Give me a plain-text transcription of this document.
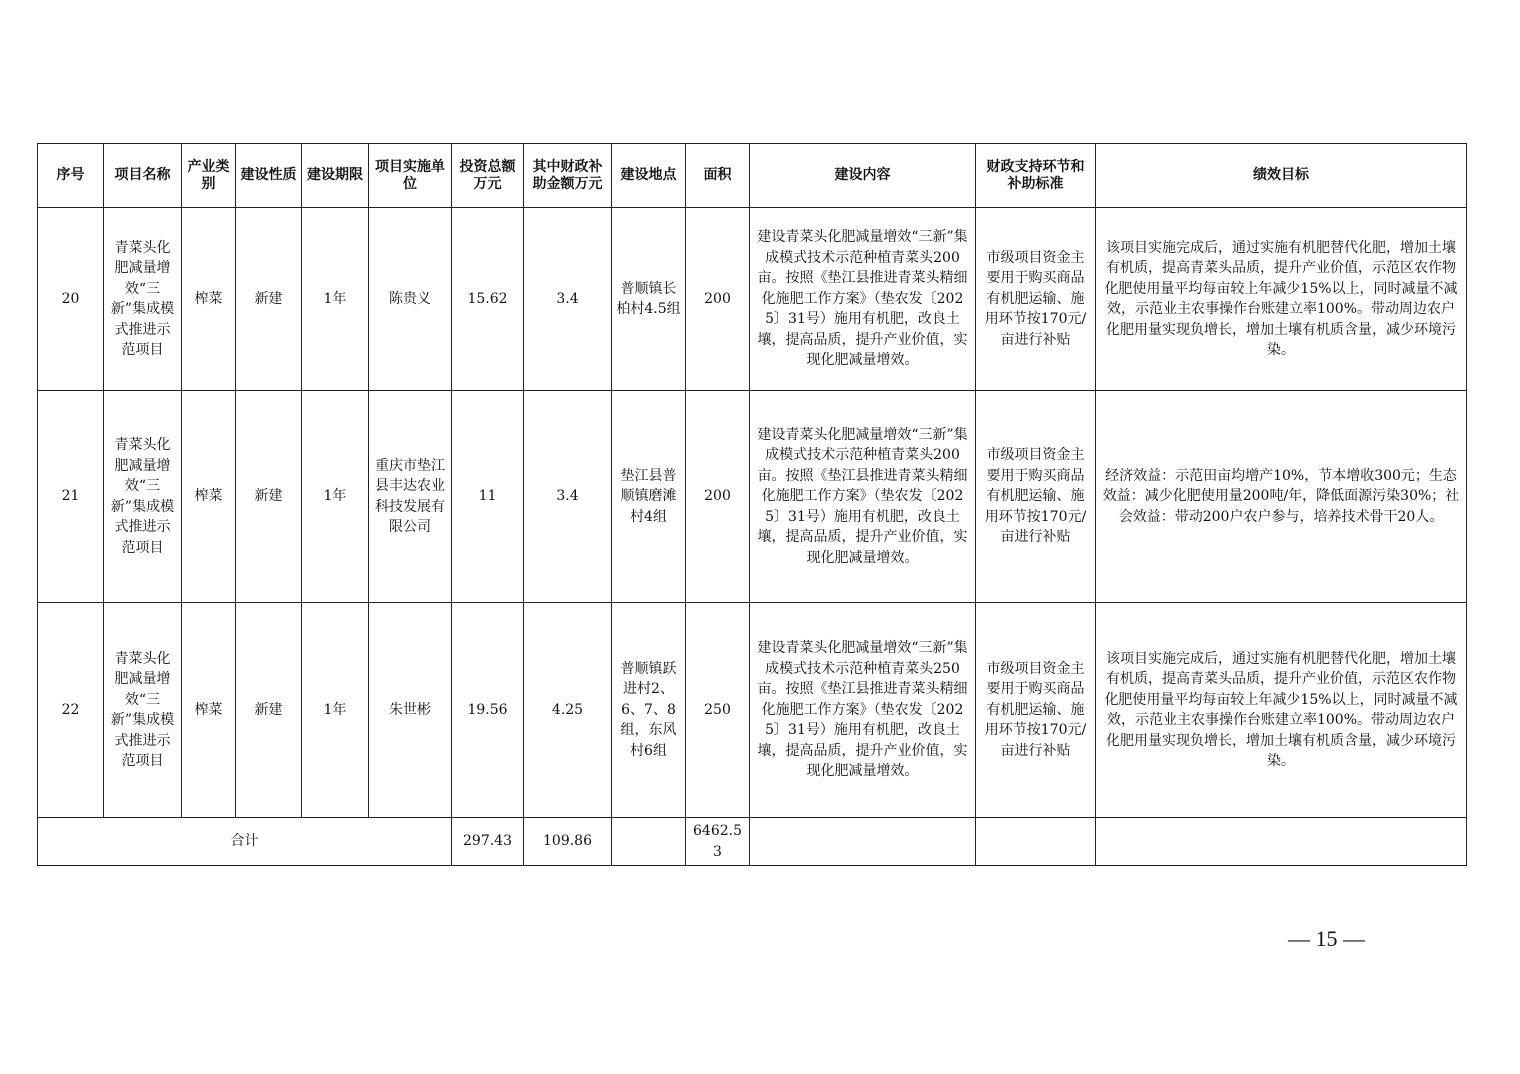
序号	项目名称	产业类别	建设性质	建设期限	项目实施单位	投资总额万元	其中财政补助金额万元	建设地点	面积	建设内容	财政支持环节和补助标准	绩效目标
20	青菜头化肥减量增效“三新”集成模式推进示范项目	榨菜	新建	1年	陈贵义	15.62	3.4	普顺镇长柏村4.5组	200	建设青菜头化肥减量增效“三新”集成模式技术示范种植青菜头200亩。按照《垫江县推进青菜头精细化施肥工作方案》（垫农发〔2025〕31号）施用有机肥，改良土壤，提高品质，提升产业价值，实现化肥减量增效。	市级项目资金主要用于购买商品有机肥运输、施用环节按170元/亩进行补贴	该项目实施完成后，通过实施有机肥替代化肥，增加土壤有机质，提高青菜头品质，提升产业价值，示范区农作物化肥使用量平均每亩较上年减少15%以上，同时减量不减效，示范业主农事操作台账建立率100%。带动周边农户化肥用量实现负增长，增加土壤有机质含量，减少环境污染。
21	青菜头化肥减量增效“三新”集成模式推进示范项目	榨菜	新建	1年	重庆市垫江县丰达农业科技发展有限公司	11	3.4	垫江县普顺镇磨滩村4组	200	建设青菜头化肥减量增效“三新”集成模式技术示范种植青菜头200亩。按照《垫江县推进青菜头精细化施肥工作方案》（垫农发〔2025〕31号）施用有机肥，改良土壤，提高品质，提升产业价值，实现化肥减量增效。	市级项目资金主要用于购买商品有机肥运输、施用环节按170元/亩进行补贴	经济效益：示范田亩均增产10%，节本增收300元；生态效益：减少化肥使用量200吨/年，降低面源污染30%；社会效益：带动200户农户参与，培养技术骨干20人。
22	青菜头化肥减量增效“三新”集成模式推进示范项目	榨菜	新建	1年	朱世彬	19.56	4.25	普顺镇跃进村2、6、7、8组，东风村6组	250	建设青菜头化肥减量增效“三新”集成模式技术示范种植青菜头250亩。按照《垫江县推进青菜头精细化施肥工作方案》（垫农发〔2025〕31号）施用有机肥，改良土壤，提高品质，提升产业价值，实现化肥减量增效。	市级项目资金主要用于购买商品有机肥运输、施用环节按170元/亩进行补贴	该项目实施完成后，通过实施有机肥替代化肥，增加土壤有机质，提高青菜头品质，提升产业价值，示范区农作物化肥使用量平均每亩较上年减少15%以上，同时减量不减效，示范业主农事操作台账建立率100%。带动周边农户化肥用量实现负增长，增加土壤有机质含量，减少环境污染。
合计						297.43	109.86		6462.53			
— 15 —
